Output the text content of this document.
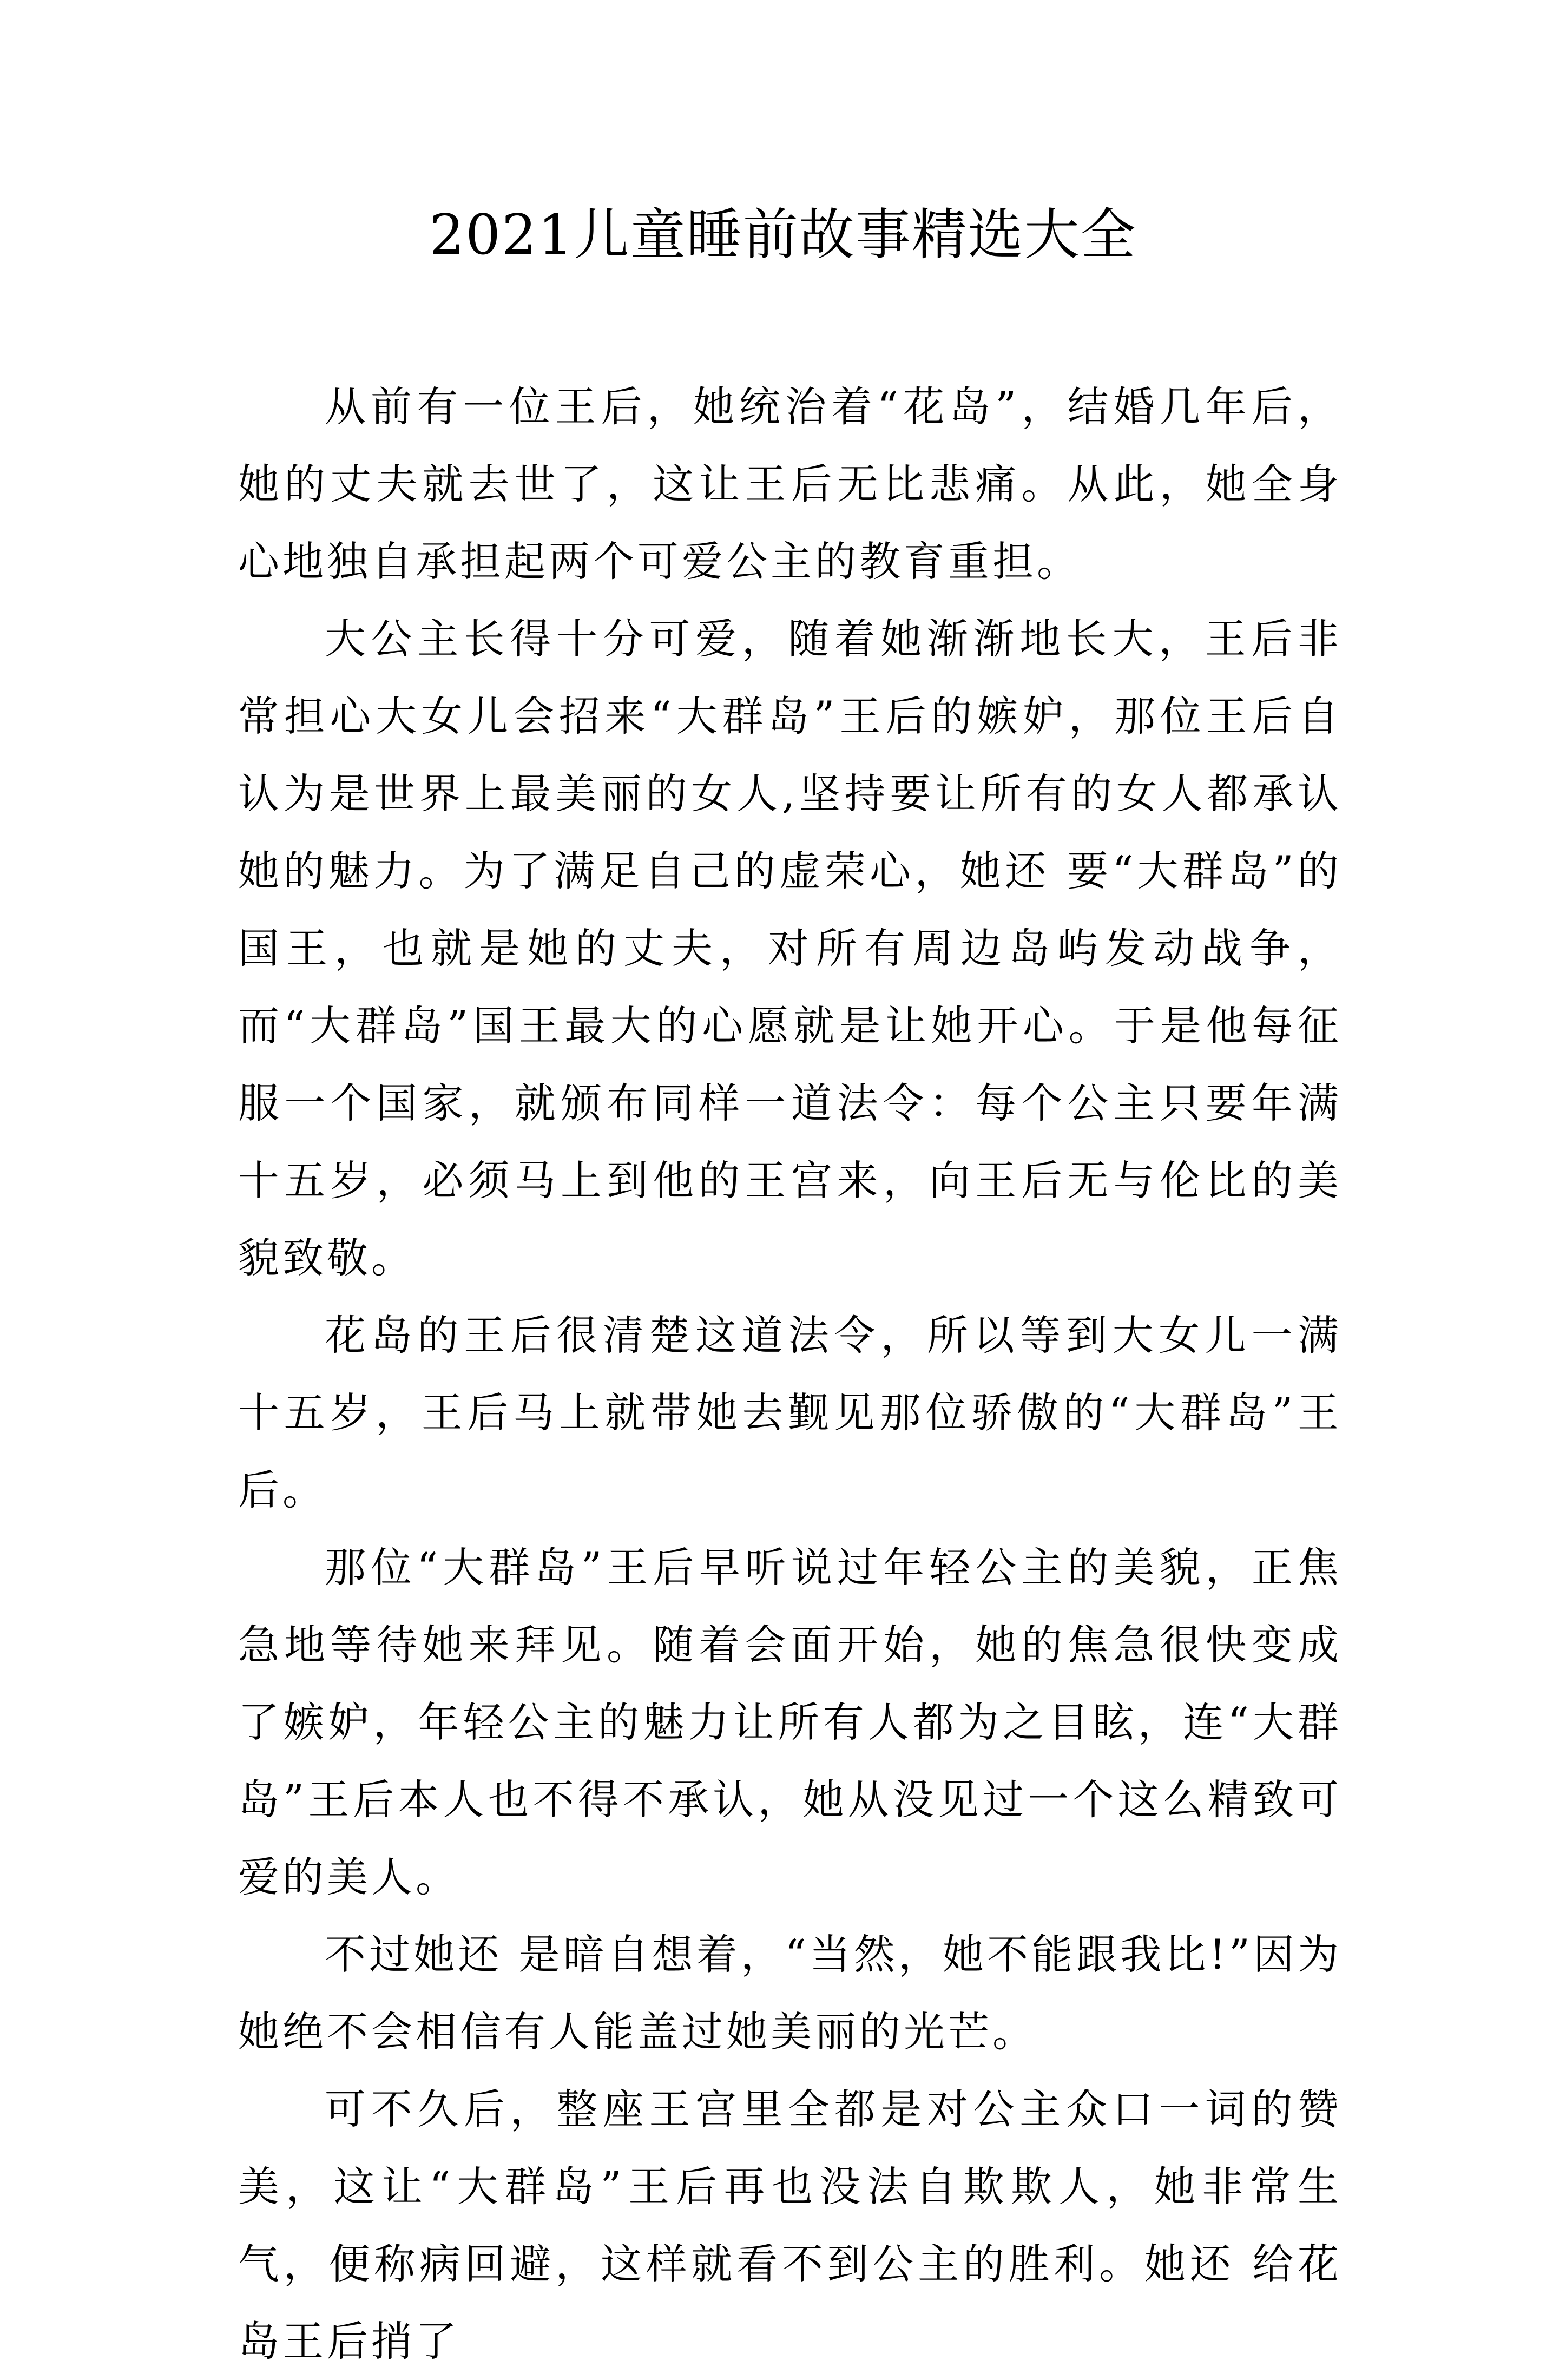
2021儿童睡前故事精选大全

从前有一位王后，她统治着“花岛”，结婚几年后，她的丈夫就去世了，这让王后无比悲痛。从此，她全身心地独自承担起两个可爱公主的教育重担。

大公主长得十分可爱，随着她渐渐地长大，王后非常担心大女儿会招来“大群岛”王后的嫉妒，那位王后自认为是世界上最美丽的女人,坚持要让所有的女人都承认她的魅力。为了满足自己的虚荣心，她还 要“大群岛”的国王，也就是她的丈夫，对所有周边岛屿发动战争，而“大群岛”国王最大的心愿就是让她开心。于是他每征服一个国家，就颁布同样一道法令：每个公主只要年满十五岁，必须马上到他的王宫来，向王后无与伦比的美貌致敬。

花岛的王后很清楚这道法令，所以等到大女儿一满十五岁，王后马上就带她去觐见那位骄傲的“大群岛”王后。

那位“大群岛”王后早听说过年轻公主的美貌，正焦急地等待她来拜见。随着会面开始，她的焦急很快变成了嫉妒，年轻公主的魅力让所有人都为之目眩，连“大群岛”王后本人也不得不承认，她从没见过一个这么精致可爱的美人。

不过她还 是暗自想着，“当然，她不能跟我比!”因为她绝不会相信有人能盖过她美丽的光芒。

可不久后，整座王宫里全都是对公主众口一词的赞美，这让“大群岛”王后再也没法自欺欺人，她非常生气，便称病回避，这样就看不到公主的胜利。她还 给花岛王后捎了
